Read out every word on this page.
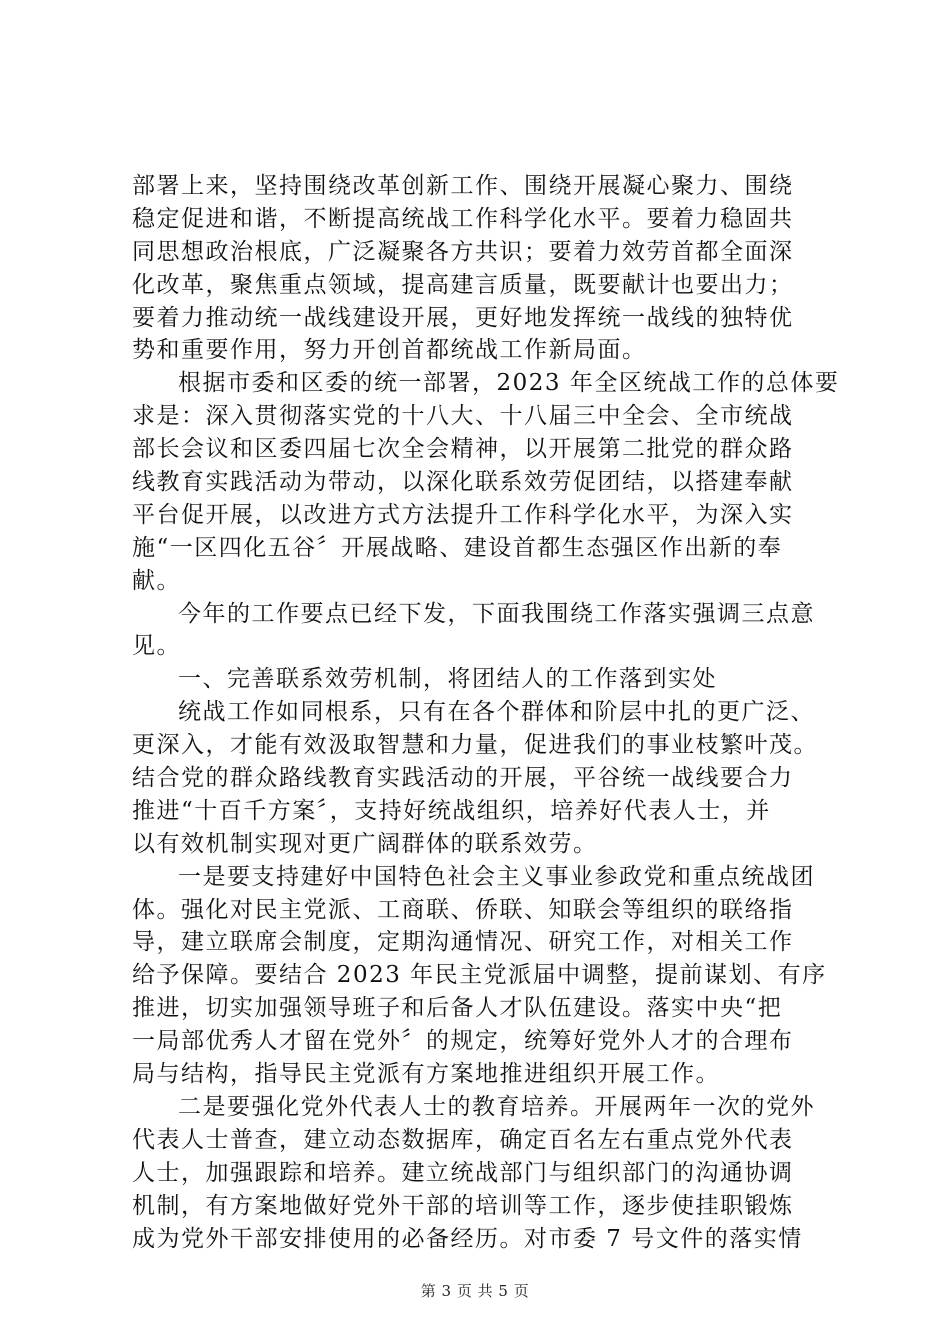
部署上来，坚持围绕改革创新工作、围绕开展凝心聚力、围绕
稳定促进和谐，不断提高统战工作科学化水平。要着力稳固共
同思想政治根底，广泛凝聚各方共识；要着力效劳首都全面深
化改革，聚焦重点领域，提高建言质量，既要献计也要出力；
要着力推动统一战线建设开展，更好地发挥统一战线的独特优
势和重要作用，努力开创首都统战工作新局面。
根据市委和区委的统一部署，2023 年全区统战工作的总体要
求是：深入贯彻落实党的十八大、十八届三中全会、全市统战
部长会议和区委四届七次全会精神，以开展第二批党的群众路
线教育实践活动为带动，以深化联系效劳促团结，以搭建奉献
平台促开展，以改进方式方法提升工作科学化水平，为深入实
施“一区四化五谷〞开展战略、建设首都生态强区作出新的奉
献。
今年的工作要点已经下发，下面我围绕工作落实强调三点意
见。
一、完善联系效劳机制，将团结人的工作落到实处
统战工作如同根系，只有在各个群体和阶层中扎的更广泛、
更深入，才能有效汲取智慧和力量，促进我们的事业枝繁叶茂。
结合党的群众路线教育实践活动的开展，平谷统一战线要合力
推进“十百千方案〞，支持好统战组织，培养好代表人士，并
以有效机制实现对更广阔群体的联系效劳。
一是要支持建好中国特色社会主义事业参政党和重点统战团
体。强化对民主党派、工商联、侨联、知联会等组织的联络指
导，建立联席会制度，定期沟通情况、研究工作，对相关工作
给予保障。要结合 2023 年民主党派届中调整，提前谋划、有序
推进，切实加强领导班子和后备人才队伍建设。落实中央“把
一局部优秀人才留在党外〞的规定，统筹好党外人才的合理布
局与结构，指导民主党派有方案地推进组织开展工作。
二是要强化党外代表人士的教育培养。开展两年一次的党外
代表人士普查，建立动态数据库，确定百名左右重点党外代表
人士，加强跟踪和培养。建立统战部门与组织部门的沟通协调
机制，有方案地做好党外干部的培训等工作，逐步使挂职锻炼
成为党外干部安排使用的必备经历。对市委 7 号文件的落实情
第 3 页 共 5 页
